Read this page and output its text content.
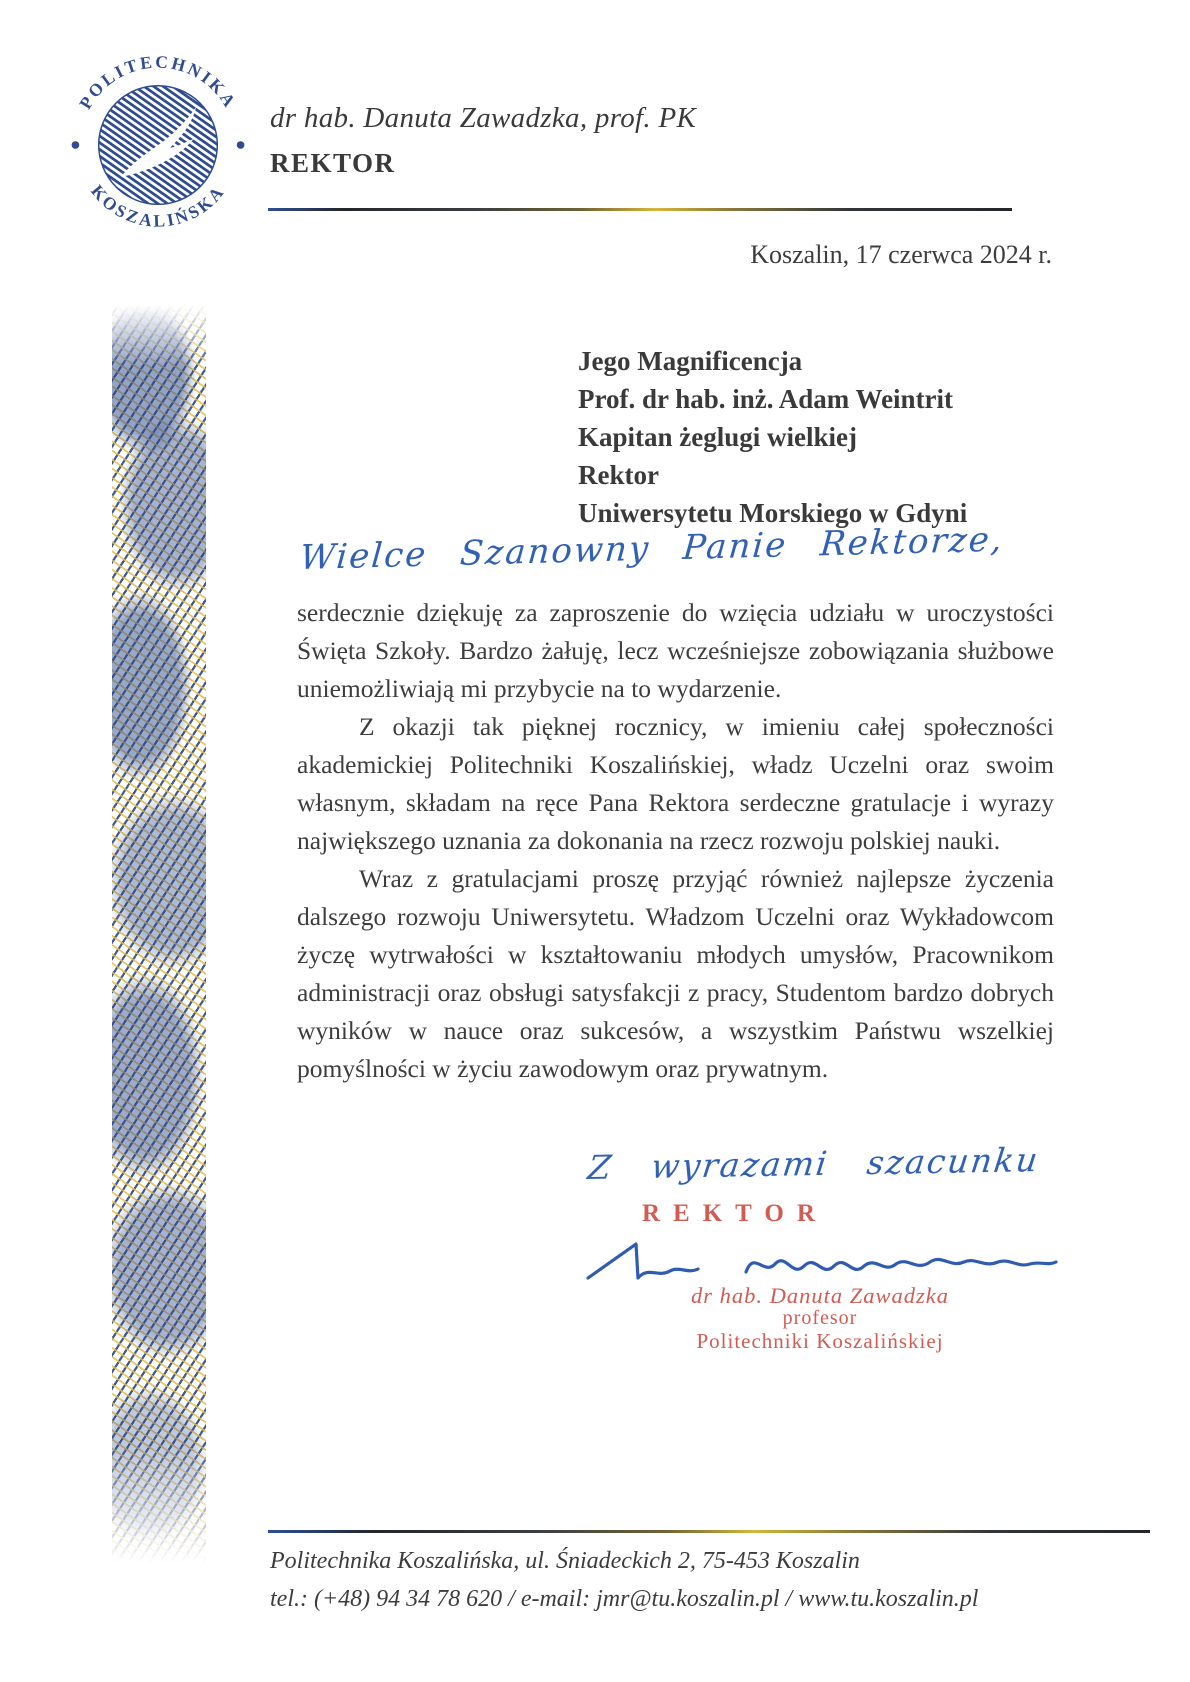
POLITECHNIKA
KOSZALIŃSKA
dr hab. Danuta Zawadzka, prof. PK
REKTOR
Koszalin, 17 czerwca 2024 r.
Jego Magnificencja
Prof. dr hab. inż. Adam Weintrit
Kapitan żeglugi wielkiej
Rektor
Uniwersytetu Morskiego w Gdyni
Wielce Szanowny Panie Rektorze,

serdecznie dziękuję za zaproszenie do wzięcia udziału w uroczystości Święta Szkoły. Bardzo żałuję, lecz wcześniejsze zobowiązania służbowe uniemożliwiają mi przybycie na to wydarzenie.

Z okazji tak pięknej rocznicy, w imieniu całej społeczności akademickiej Politechniki Koszalińskiej, władz Uczelni oraz swoim własnym, składam na ręce Pana Rektora serdeczne gratulacje i wyrazy największego uznania za dokonania na rzecz rozwoju polskiej nauki.

Wraz z gratulacjami proszę przyjąć również najlepsze życzenia dalszego rozwoju Uniwersytetu. Władzom Uczelni oraz Wykładowcom życzę wytrwałości w kształtowaniu młodych umysłów, Pracownikom administracji oraz obsługi satysfakcji z pracy, Studentom bardzo dobrych wyników w nauce oraz sukcesów, a wszystkim Państwu wszelkiej pomyślności w życiu zawodowym oraz prywatnym.

Z wyrazami szacunku
REKTOR
dr hab. Danuta Zawadzka
profesor
Politechniki Koszalińskiej
Politechnika Koszalińska, ul. Śniadeckich 2, 75-453 Koszalin
tel.: (+48) 94 34 78 620 / e-mail: jmr@tu.koszalin.pl / www.tu.koszalin.pl
